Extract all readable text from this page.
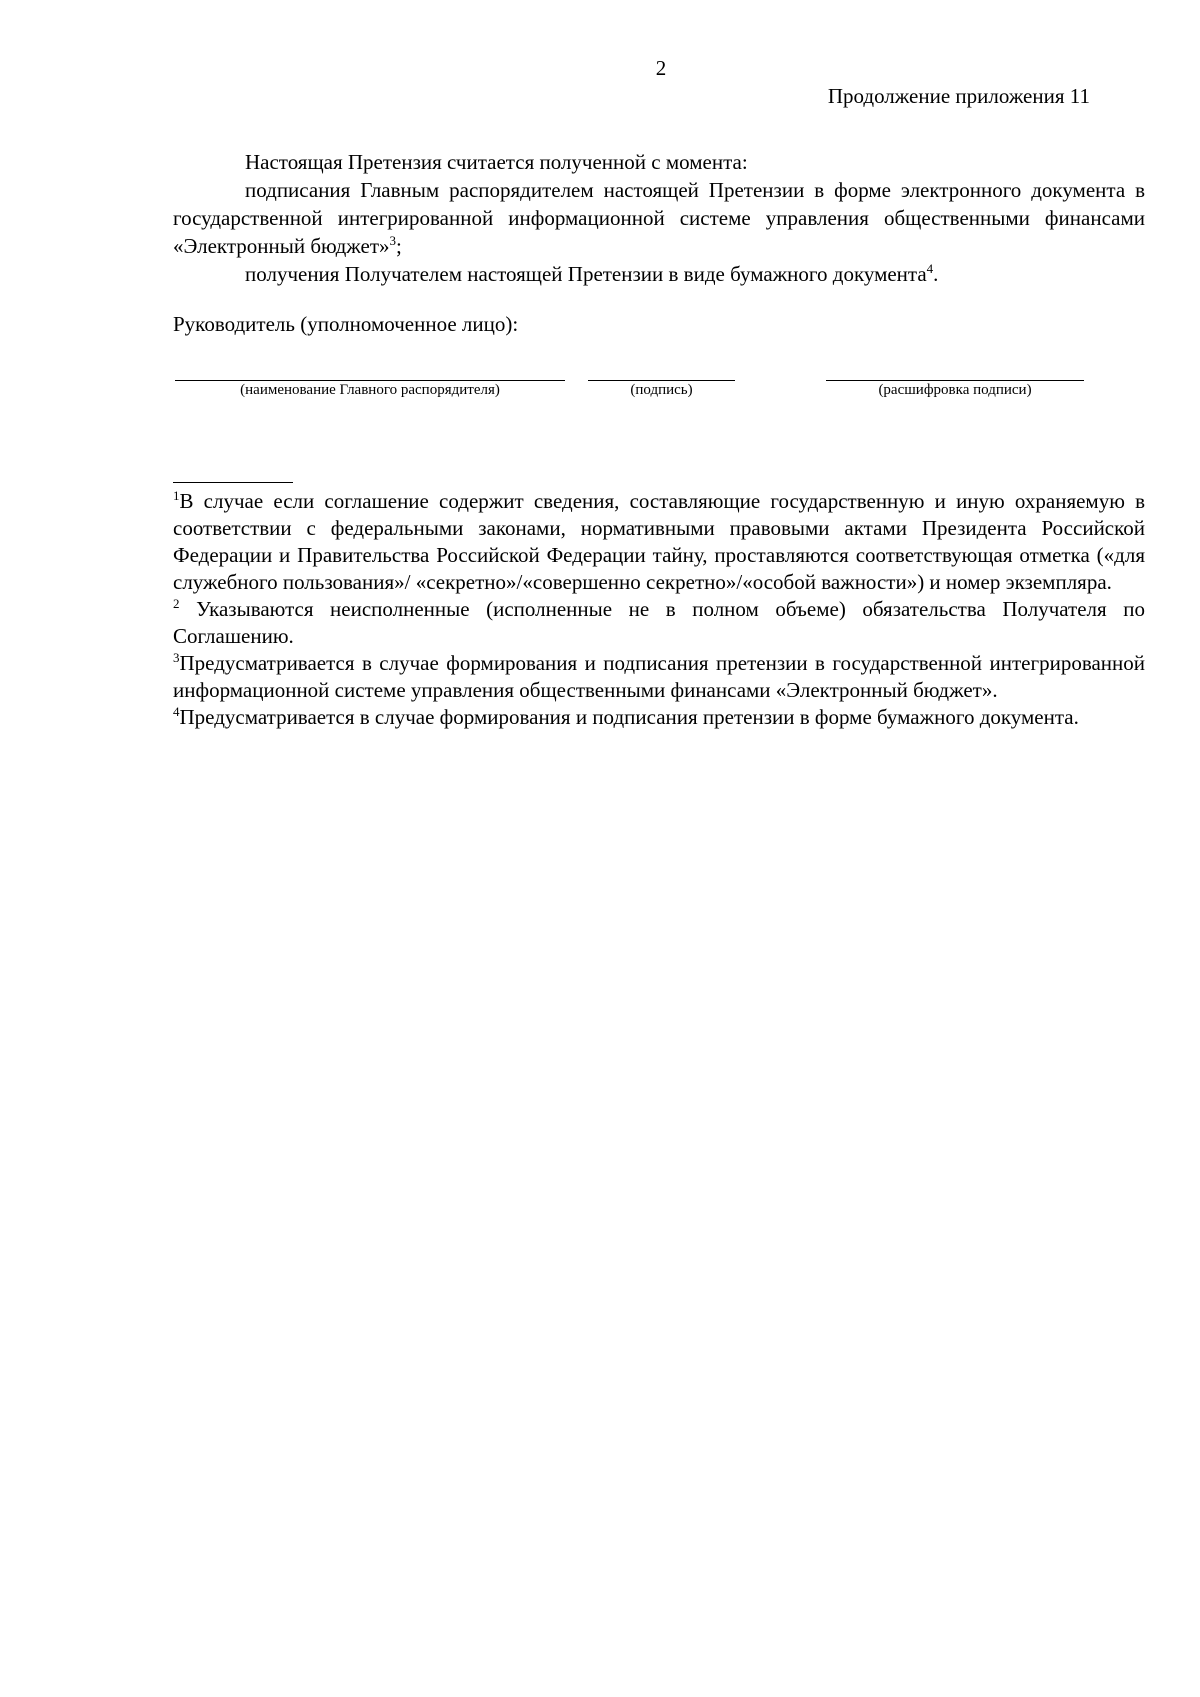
2
Продолжение приложения 11

Настоящая Претензия считается полученной с момента:

подписания Главным распорядителем настоящей Претензии в форме электронного документа в государственной интегрированной информационной системе управления общественными финансами «Электронный бюджет»$^3$;

получения Получателем настоящей Претензии в виде бумажного документа$^4$.

Руководитель (уполномоченное лицо):
(наименование Главного распорядителя)	(подпись)	(расшифровка подписи)

$^1$В случае если соглашение содержит сведения, составляющие государственную и иную охраняемую в соответствии с федеральными законами, нормативными правовыми актами Президента Российской Федерации и Правительства Российской Федерации тайну, проставляются соответствующая отметка («для служебного пользования»/ «секретно»/«совершенно секретно»/«особой важности») и номер экземпляра.

$^2$ Указываются неисполненные (исполненные не в полном объеме) обязательства Получателя по Соглашению.

$^3$Предусматривается в случае формирования и подписания претензии в государственной интегрированной информационной системе управления общественными финансами «Электронный бюджет».

$^4$Предусматривается в случае формирования и подписания претензии в форме бумажного документа.
